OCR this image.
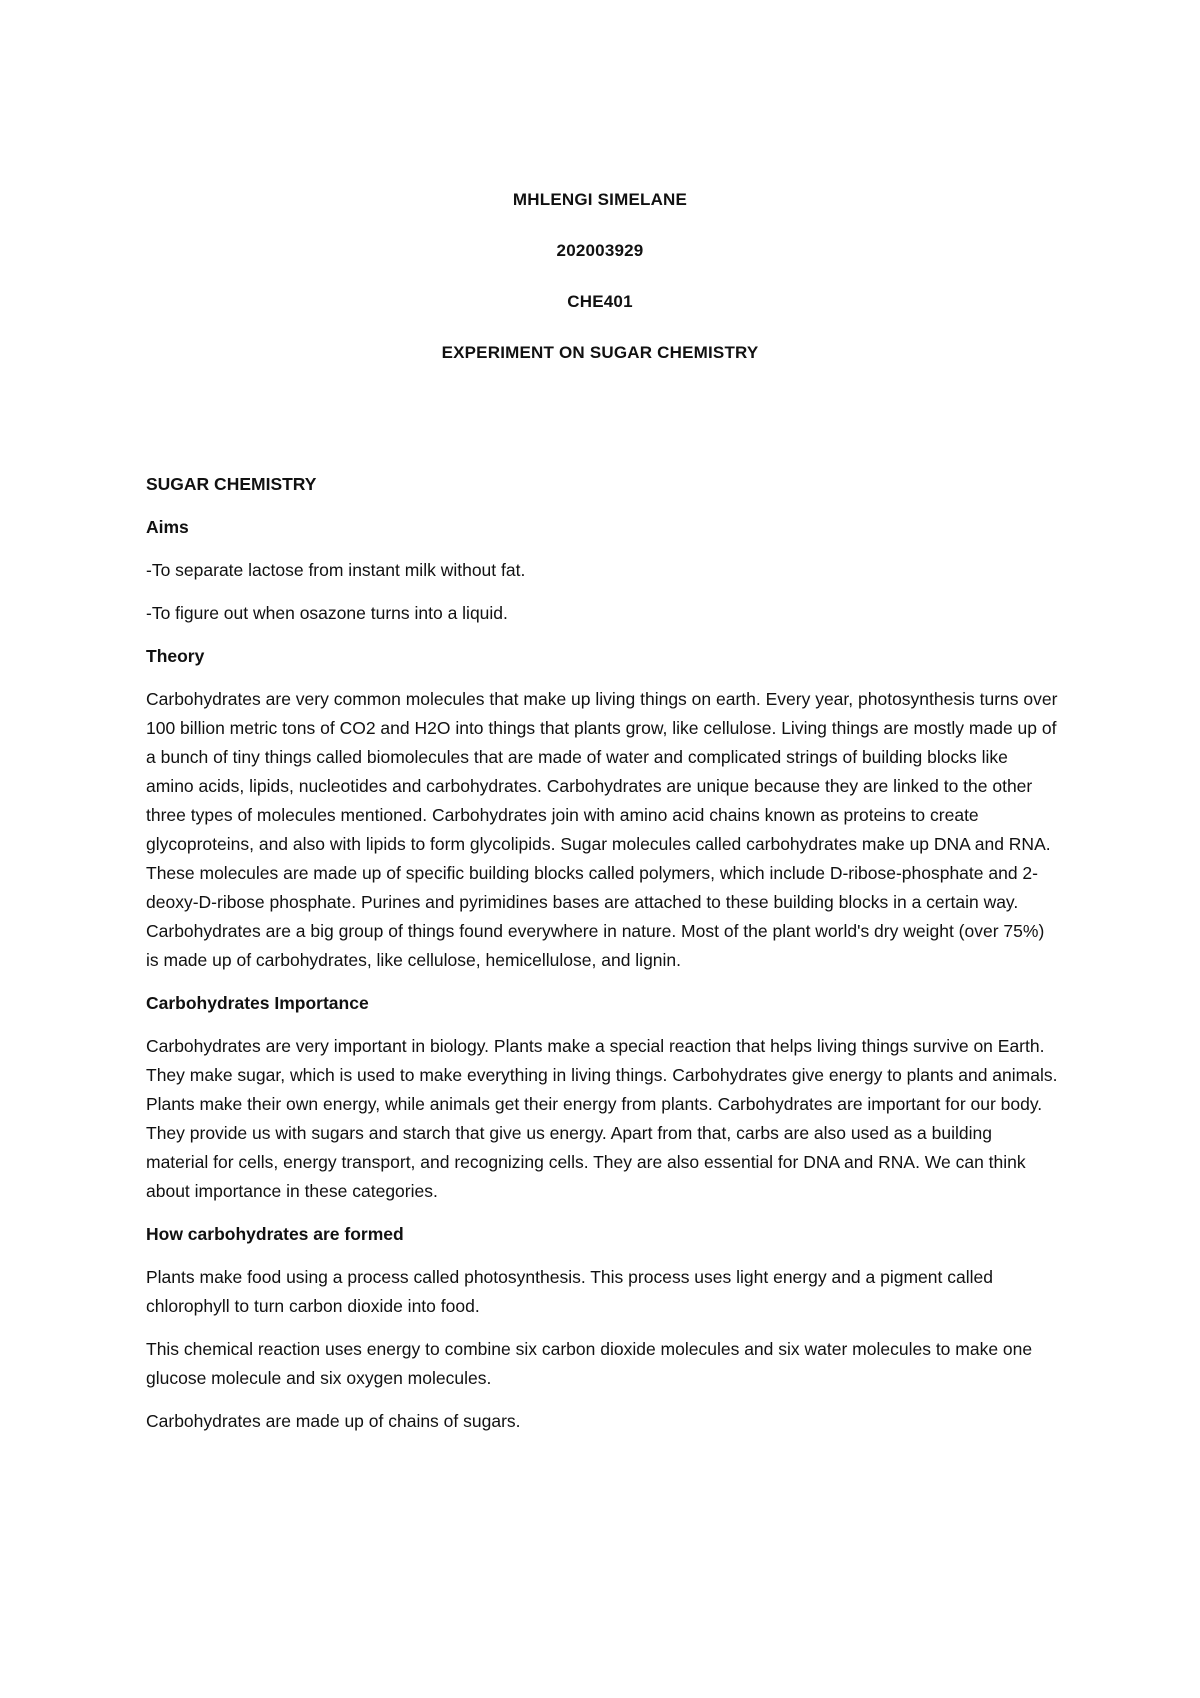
MHLENGI SIMELANE
202003929
CHE401
EXPERIMENT ON SUGAR CHEMISTRY
SUGAR CHEMISTRY
Aims
-To separate lactose from instant milk without fat.
-To figure out when osazone turns into a liquid.
Theory
Carbohydrates are very common molecules that make up living things on earth. Every year, photosynthesis turns over 100 billion metric tons of CO2 and H2O into things that plants grow, like cellulose. Living things are mostly made up of a bunch of tiny things called biomolecules that are made of water and complicated strings of building blocks like amino acids, lipids, nucleotides and carbohydrates. Carbohydrates are unique because they are linked to the other three types of molecules mentioned. Carbohydrates join with amino acid chains known as proteins to create glycoproteins, and also with lipids to form glycolipids. Sugar molecules called carbohydrates make up DNA and RNA. These molecules are made up of specific building blocks called polymers, which include D-ribose-phosphate and 2-deoxy-D-ribose phosphate. Purines and pyrimidines bases are attached to these building blocks in a certain way. Carbohydrates are a big group of things found everywhere in nature. Most of the plant world's dry weight (over 75%) is made up of carbohydrates, like cellulose, hemicellulose, and lignin.
Carbohydrates Importance
Carbohydrates are very important in biology. Plants make a special reaction that helps living things survive on Earth. They make sugar, which is used to make everything in living things. Carbohydrates give energy to plants and animals. Plants make their own energy, while animals get their energy from plants. Carbohydrates are important for our body. They provide us with sugars and starch that give us energy. Apart from that, carbs are also used as a building material for cells, energy transport, and recognizing cells. They are also essential for DNA and RNA. We can think about importance in these categories.
How carbohydrates are formed
Plants make food using a process called photosynthesis. This process uses light energy and a pigment called chlorophyll to turn carbon dioxide into food.
This chemical reaction uses energy to combine six carbon dioxide molecules and six water molecules to make one glucose molecule and six oxygen molecules.
Carbohydrates are made up of chains of sugars.
